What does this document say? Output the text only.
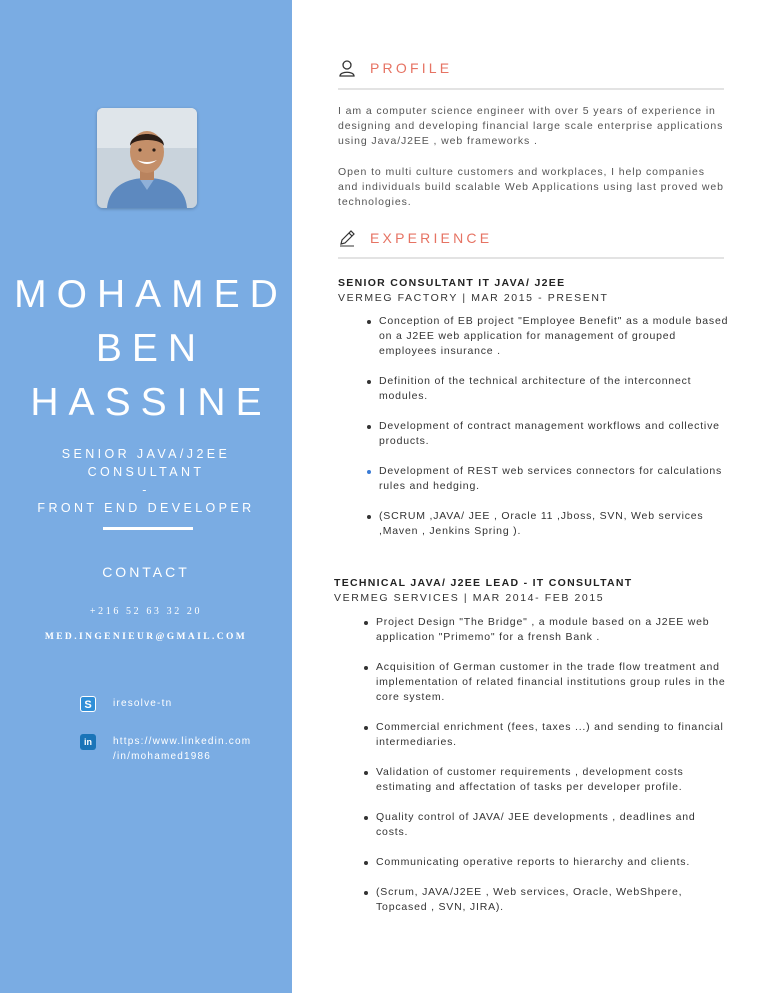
MOHAMED
BEN
HASSINE
SENIOR JAVA/J2EE
CONSULTANT
-
FRONT END DEVELOPER
CONTACT
+216 52 63 32 20
MED.INGENIEUR@GMAIL.COM
S	iresolve-tn
in	https://www.linkedin.com
/in/mohamed1986
PROFILE

I am a computer science engineer with over 5 years of experience in designing and developing financial large scale enterprise applications using Java/J2EE , web frameworks .

Open to multi culture customers and workplaces, I help companies and individuals build scalable Web Applications using last proved web technologies.

EXPERIENCE
SENIOR CONSULTANT IT JAVA/ J2EE
VERMEG FACTORY | MAR 2015 - PRESENT
Conception of EB project "Employee Benefit" as a module based on a J2EE web application for management of grouped employees insurance .
Definition of the technical architecture of the interconnect modules.
Development of contract management workflows and collective products.
Development of REST web services connectors for calculations rules and hedging.
(SCRUM ,JAVA/ JEE , Oracle 11 ,Jboss, SVN, Web services ,Maven , Jenkins Spring ).
TECHNICAL JAVA/ J2EE LEAD - IT CONSULTANT
VERMEG SERVICES | MAR 2014- FEB 2015
Project Design "The Bridge" , a module based on a J2EE web application "Primemo" for a frensh Bank .
Acquisition of German customer in the trade flow treatment and implementation of related financial institutions group rules in the core system.
Commercial enrichment (fees, taxes ...) and sending to financial intermediaries.
Validation of customer requirements , development costs estimating and affectation of tasks per developer profile.
Quality control of JAVA/ JEE developments , deadlines and costs.
Communicating operative reports to hierarchy and clients.
(Scrum, JAVA/J2EE , Web services, Oracle, WebShpere, Topcased , SVN, JIRA).
